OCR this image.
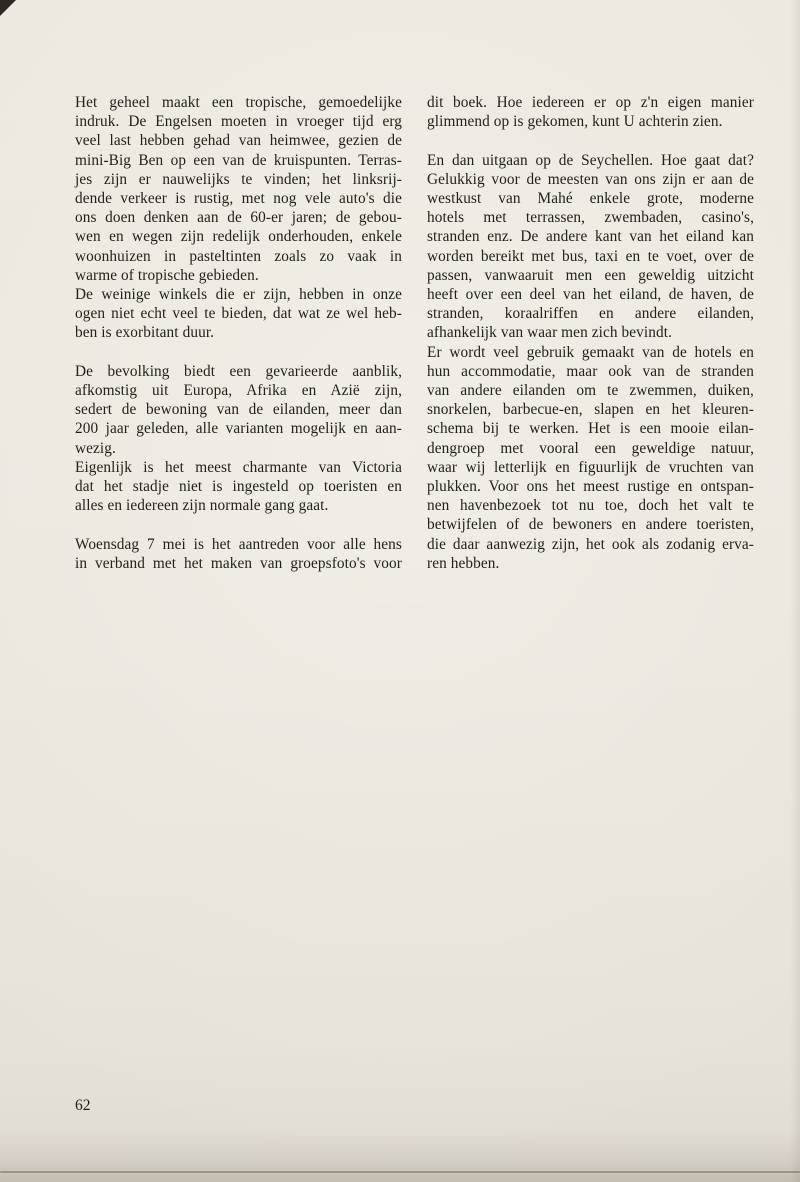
Het geheel maakt een tropische, gemoedelijke
indruk. De Engelsen moeten in vroeger tijd erg
veel last hebben gehad van heimwee, gezien de
mini-Big Ben op een van de kruispunten. Terras-
jes zijn er nauwelijks te vinden; het linksrij-
dende verkeer is rustig, met nog vele auto's die
ons doen denken aan de 60-er jaren; de gebou-
wen en wegen zijn redelijk onderhouden, enkele
woonhuizen in pasteltinten zoals zo vaak in
warme of tropische gebieden.
De weinige winkels die er zijn, hebben in onze
ogen niet echt veel te bieden, dat wat ze wel heb-
ben is exorbitant duur.
De bevolking biedt een gevarieerde aanblik,
afkomstig uit Europa, Afrika en Azië zijn,
sedert de bewoning van de eilanden, meer dan
200 jaar geleden, alle varianten mogelijk en aan-
wezig.
Eigenlijk is het meest charmante van Victoria
dat het stadje niet is ingesteld op toeristen en
alles en iedereen zijn normale gang gaat.
Woensdag 7 mei is het aantreden voor alle hens
in verband met het maken van groepsfoto's voor
dit boek. Hoe iedereen er op z'n eigen manier
glimmend op is gekomen, kunt U achterin zien.
En dan uitgaan op de Seychellen. Hoe gaat dat?
Gelukkig voor de meesten van ons zijn er aan de
westkust van Mahé enkele grote, moderne
hotels met terrassen, zwembaden, casino's,
stranden enz. De andere kant van het eiland kan
worden bereikt met bus, taxi en te voet, over de
passen, vanwaaruit men een geweldig uitzicht
heeft over een deel van het eiland, de haven, de
stranden, koraalriffen en andere eilanden,
afhankelijk van waar men zich bevindt.
Er wordt veel gebruik gemaakt van de hotels en
hun accommodatie, maar ook van de stranden
van andere eilanden om te zwemmen, duiken,
snorkelen, barbecue-en, slapen en het kleuren-
schema bij te werken. Het is een mooie eilan-
dengroep met vooral een geweldige natuur,
waar wij letterlijk en figuurlijk de vruchten van
plukken. Voor ons het meest rustige en ontspan-
nen havenbezoek tot nu toe, doch het valt te
betwijfelen of de bewoners en andere toeristen,
die daar aanwezig zijn, het ook als zodanig erva-
ren hebben.
62
